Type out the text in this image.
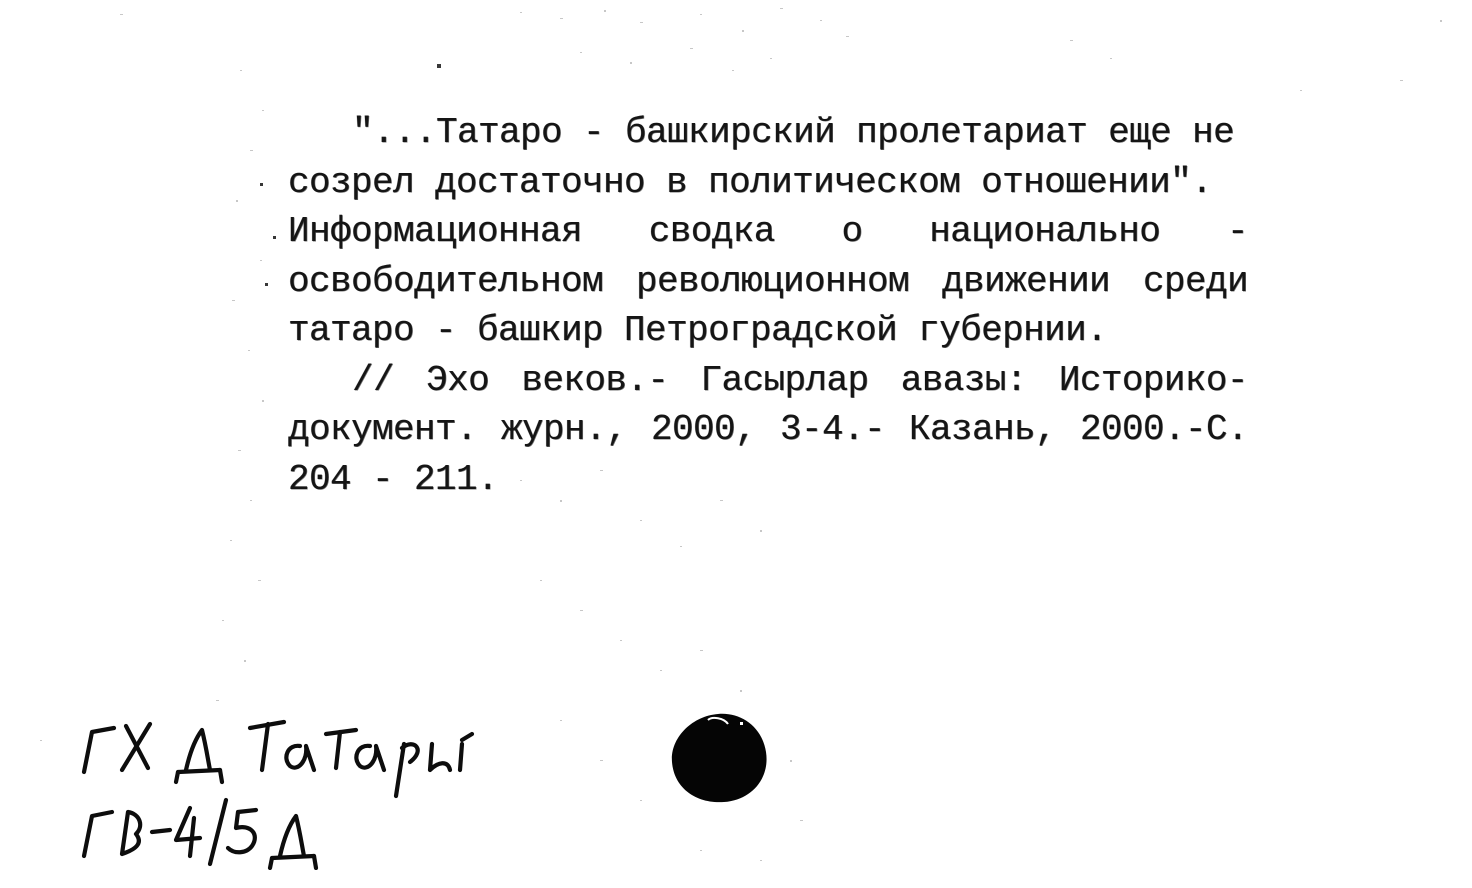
"...Татаро - башкирский пролетариат еще не
созрел достаточно в политическом отношении".
Информационная сводка о национально -
освободительном революционном движении среди
татаро - башкир Петроградской губернии.
// Эхо веков.- Гасырлар авазы: Историко-
документ. журн., 2000, 3-4.- Казань, 2000.-С.
204 - 211.
